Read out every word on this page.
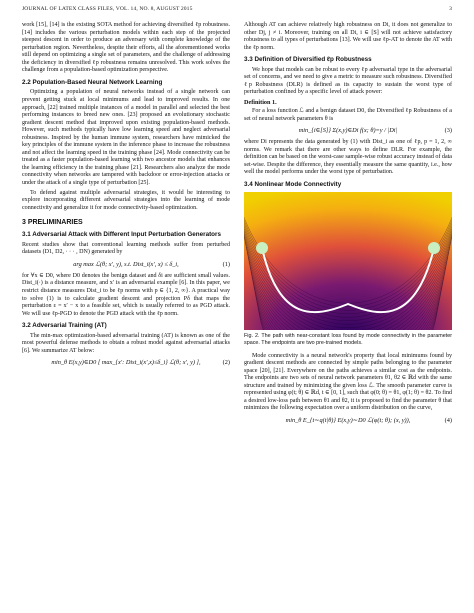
JOURNAL OF LATEX CLASS FILES, VOL. 14, NO. 8, AUGUST 2015	3

work [15], [14] is the existing SOTA method for achieving diversified ℓp robustness. [14] includes the various perturbation models within each step of the projected steepest descent in order to produce an adversary with complete knowledge of the perturbation region. Nevertheless, despite their efforts, all the aforementioned works still depend on optimizing a single set of parameters, and the challenge of addressing the deficiency in diversified ℓp robustness remains unresolved. This work solves the challenge from a population-based optimization perspective.

2.2 Population-Based Neural Network Learning

Optimizing a population of neural networks instead of a single network can prevent getting stuck at local minimums and lead to improved results. In one approach, [22] trained multiple instances of a model in parallel and selected the best performing instances to breed new ones. [23] proposed an evolutionary stochastic gradient descent method that improved upon existing population-based methods. However, such methods typically have low learning speed and neglect adversarial robustness. Inspired by the human immune system, researchers have mimicked the key principles of the immune system in the inference phase to increase the robustness and not affect the learning speed in the training phase [24]. Mode connectivity can be treated as a faster population-based learning with two ancestor models that enhances the learning efficiency in the training phase [21]. Researchers also analyze the mode connectivity when networks are tampered with backdoor or error-injection attacks or under the attack of a single type of perturbation [25].

To defend against multiple adversarial strategies, it would be interesting to explore incorporating different adversarial strategies into the learning of mode connectivity and generalize it for mode connectivity-based optimization.

3 PRELIMINARIES
3.1 Adversarial Attack with Different Input Perturbation Generators

Recent studies show that conventional learning methods suffer from perturbed datasets (D1, D2, · · · , DN) generated by

arg max ℒ(θ; x′, y), s.t. Dist_i(x′, x) ≤ δ_i,	(1)

for ∀x ∈ D0, where D0 denotes the benign dataset and δi are sufficient small values. Dist_i(·) is a distance measure, and x′ is an adversarial example [6]. In this paper, we restrict distance measures Dist_i to be ℓp norms with p ∈ {1, 2, ∞}. A practical way to solve (1) is to calculate gradient descent and projection Pδ that maps the perturbation ε = x′ − x to a feasible set, which is usually referred to as PGD attack. We will use ℓp-PGD to denote the PGD attack with the ℓp norm.

3.2 Adversarial Training (AT)

The min-max optimization-based adversarial training (AT) is known as one of the most powerful defense methods to obtain a robust model against adversarial attacks [6]. We summarize AT below:

min_θ E(x,y)∈D0 [ max_{x′: Dist_i(x′,x)≤δ_i} ℒ(θ; x′, y) ],	(2)

Although AT can achieve relatively high robustness on Di, it does not generalize to other Dj, j ≠ i. Moreover, training on all Di, i ∈ [S] will not achieve satisfactory robustness to all types of perturbations [13]. We will use ℓp-AT to denote the AT with the ℓp norm.

3.3 Definition of Diversified ℓp Robustness

We hope that models can be robust to every ℓp adversarial type in the adversarial set of concerns, and we need to give a metric to measure such robustness. Diversified ℓp Robustness (DLR) is defined as its capacity to sustain the worst type of perturbation confined by a specific level of attack power:

Definition 1.

For a loss function ℒ and a benign dataset D0, the Diversified ℓp Robustness of a set of neural network parameters θ is

min_{i∈[S]} Σ(x,y)∈Di f(x; θ)=y / |Di|	(3)

where Di represents the data generated by (1) with Dist_i as one of ℓp, p = 1, 2, ∞ norms. We remark that there are other ways to define DLR. For example, the definition can be based on the worst-case sample-wise robust accuracy instead of data set-wise. Despite the difference, they essentially measure the same quantity, i.e., how well the model performs under the worst type of perturbation.

3.4 Nonlinear Mode Connectivity
Fig. 2. The path with near-constant loss found by mode connectivity in the parameter space. The endpoints are two pre-trained models.

Mode connectivity is a neural network's property that local minimums found by gradient descent methods are connected by simple paths belonging to the parameter space [20], [21]. Everywhere on the paths achieves a similar cost as the endpoints. The endpoints are two sets of neural network parameters θ1, θ2 ∈ ℝd with the same structure and trained by minimizing the given loss ℒ. The smooth parameter curve is represented using φ(t; θ) ∈ ℝd, t ∈ [0, 1], such that φ(0; θ) = θ1, φ(1; θ) = θ2. To find a desired low-loss path between θ1 and θ2, it is proposed to find the parameter θ that minimizes the following expectation over a uniform distribution on the curve,

min_θ E_{t∼q(t|θ)} E(x,y)∼D0 ℒ(φ(t; θ); (x, y)),	(4)
